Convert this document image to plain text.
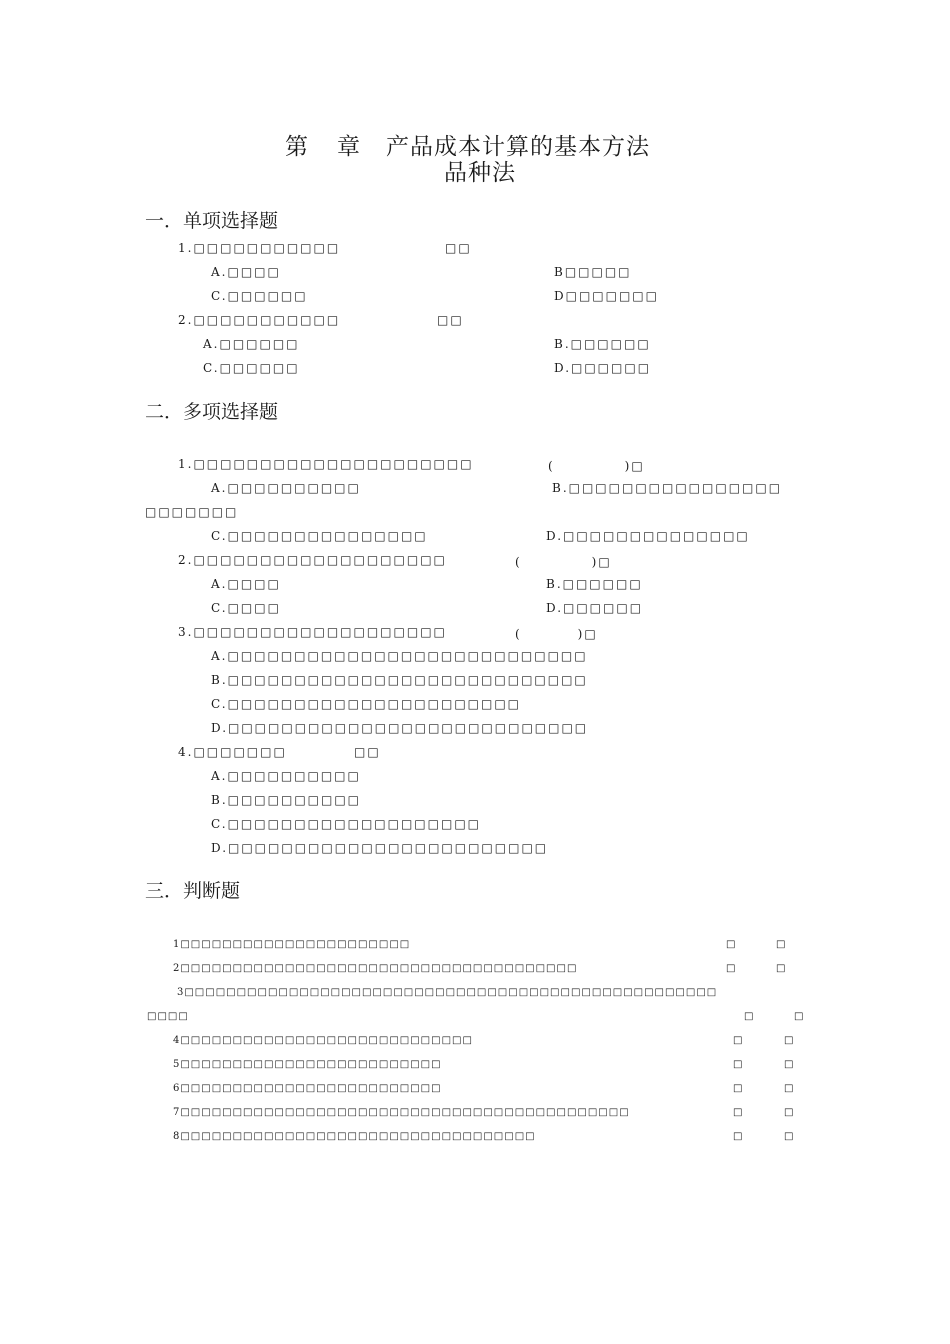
第 章 产品成本计算的基本方法
品种法
一．单项选择题
1.□□□□□□□□□□□	□□
A.□□□□	B□□□□□
C.□□□□□□	D□□□□□□□
2.□□□□□□□□□□□	□□
A.□□□□□□	B.□□□□□□
C.□□□□□□	D.□□□□□□
二．多项选择题
1.□□□□□□□□□□□□□□□□□□□□□	(　　　　　)□
A.□□□□□□□□□□	B.□□□□□□□□□□□□□□□□
□□□□□□□
C.□□□□□□□□□□□□□□□	D.□□□□□□□□□□□□□□
2.□□□□□□□□□□□□□□□□□□□	(　　　　　)□
A.□□□□	B.□□□□□□
C.□□□□	D.□□□□□□
3.□□□□□□□□□□□□□□□□□□□	(　　　　)□
A.□□□□□□□□□□□□□□□□□□□□□□□□□□□
B.□□□□□□□□□□□□□□□□□□□□□□□□□□□
C.□□□□□□□□□□□□□□□□□□□□□□
D.□□□□□□□□□□□□□□□□□□□□□□□□□□□
4.□□□□□□□	□□
A.□□□□□□□□□□
B.□□□□□□□□□□
C.□□□□□□□□□□□□□□□□□□□
D.□□□□□□□□□□□□□□□□□□□□□□□□
三．判断题
1□□□□□□□□□□□□□□□□□□□□□□	□	□
2□□□□□□□□□□□□□□□□□□□□□□□□□□□□□□□□□□□□□□	□	□
3□□□□□□□□□□□□□□□□□□□□□□□□□□□□□□□□□□□□□□□□□□□□□□□□□□□
□□□□	□	□
4□□□□□□□□□□□□□□□□□□□□□□□□□□□□	□	□
5□□□□□□□□□□□□□□□□□□□□□□□□□	□	□
6□□□□□□□□□□□□□□□□□□□□□□□□□	□	□
7□□□□□□□□□□□□□□□□□□□□□□□□□□□□□□□□□□□□□□□□□□□	□	□
8□□□□□□□□□□□□□□□□□□□□□□□□□□□□□□□□□□	□	□
